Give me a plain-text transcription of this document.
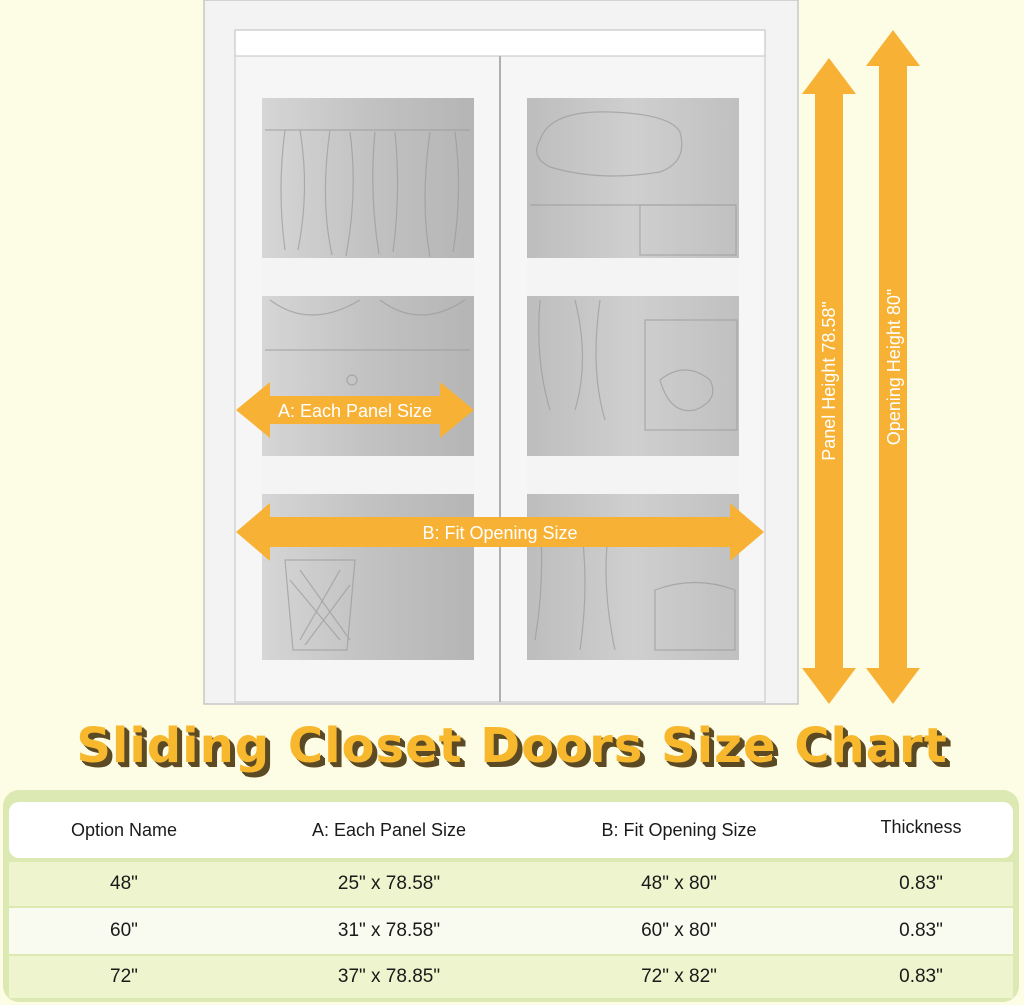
A: Each Panel Size
B: Fit Opening Size
Panel Height 78.58"	Opening Height 80"
Sliding Closet Doors Size Chart
Option Name	A: Each Panel Size	B: Fit Opening Size	Thickness
48"	25" x 78.58"	48" x 80"	0.83"
60"	31" x 78.58"	60" x 80"	0.83"
72"	37" x 78.85"	72" x 82"	0.83"
